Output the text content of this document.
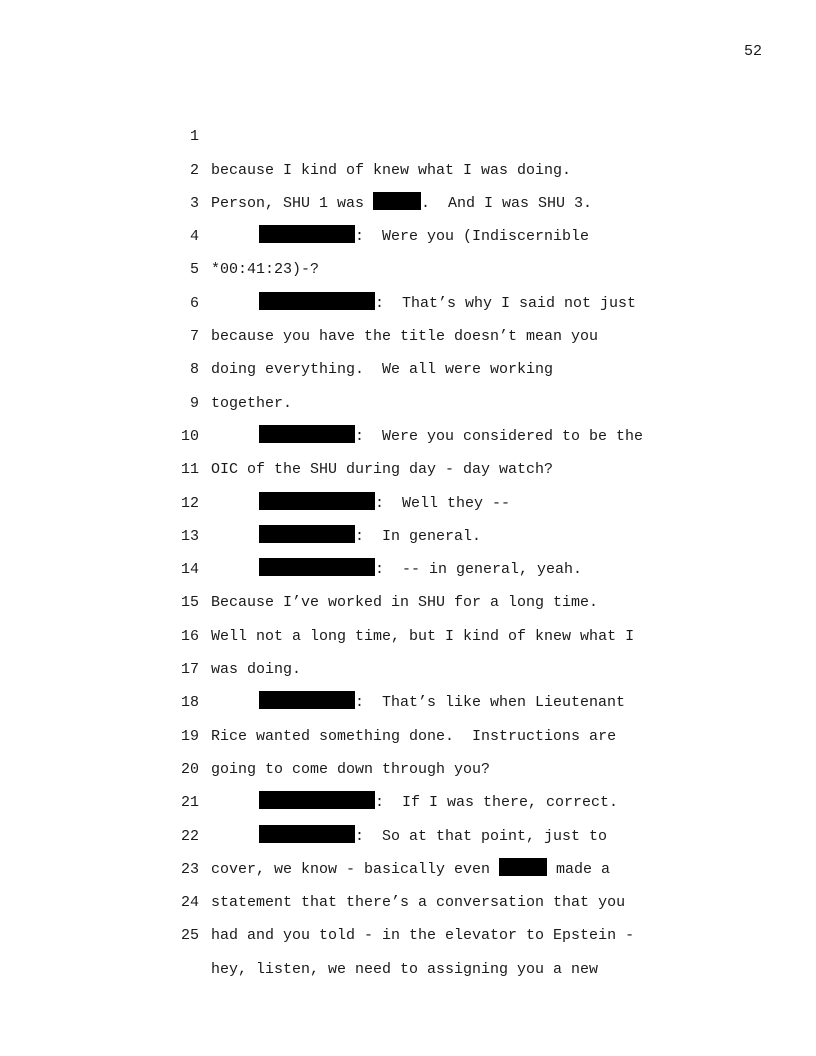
52

1

because I kind of knew what I was doing.

2

Person, SHU 1 was	.  And I was SHU 3.

3

:  Were you (Indiscernible

4

*00:41:23)-?

5

:  That’s why I said not just

6

because you have the title doesn’t mean you

7

doing everything.  We all were working

8

together.

9

:  Were you considered to be the

10

OIC of the SHU during day - day watch?

11

:  Well they --

12

:  In general.

13

:  -- in general, yeah.

14

Because I’ve worked in SHU for a long time.

15

Well not a long time, but I kind of knew what I

16

was doing.

17

:  That’s like when Lieutenant

18

Rice wanted something done.  Instructions are

19

going to come down through you?

20

:  If I was there, correct.

21

:  So at that point, just to

22

cover, we know - basically even	made a

23

statement that there’s a conversation that you

24

had and you told - in the elevator to Epstein -

25

hey, listen, we need to assigning you a new
